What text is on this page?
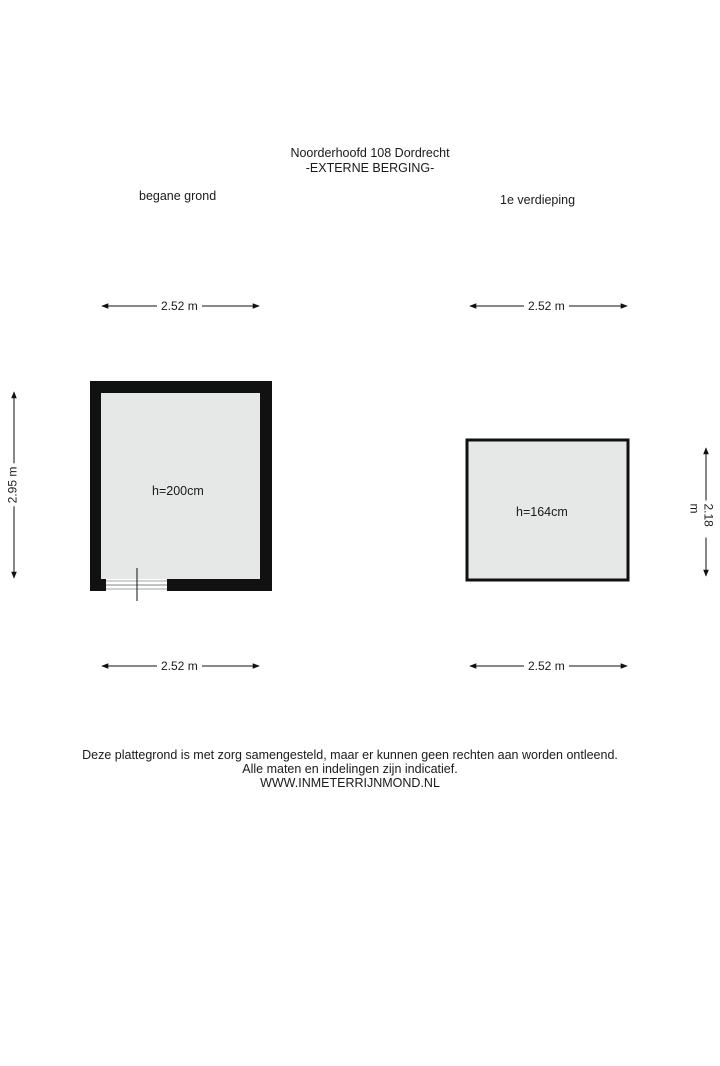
Noorderhoofd 108 Dordrecht
-EXTERNE BERGING-
begane grond	1e verdieping
2.52 m	2.52 m
2.52 m	2.52 m
2.95 m
2.18 m
h=200cm
h=164cm
Deze plattegrond is met zorg samengesteld, maar er kunnen geen rechten aan worden ontleend.
Alle maten en indelingen zijn indicatief.
WWW.INMETERRIJNMOND.NL
